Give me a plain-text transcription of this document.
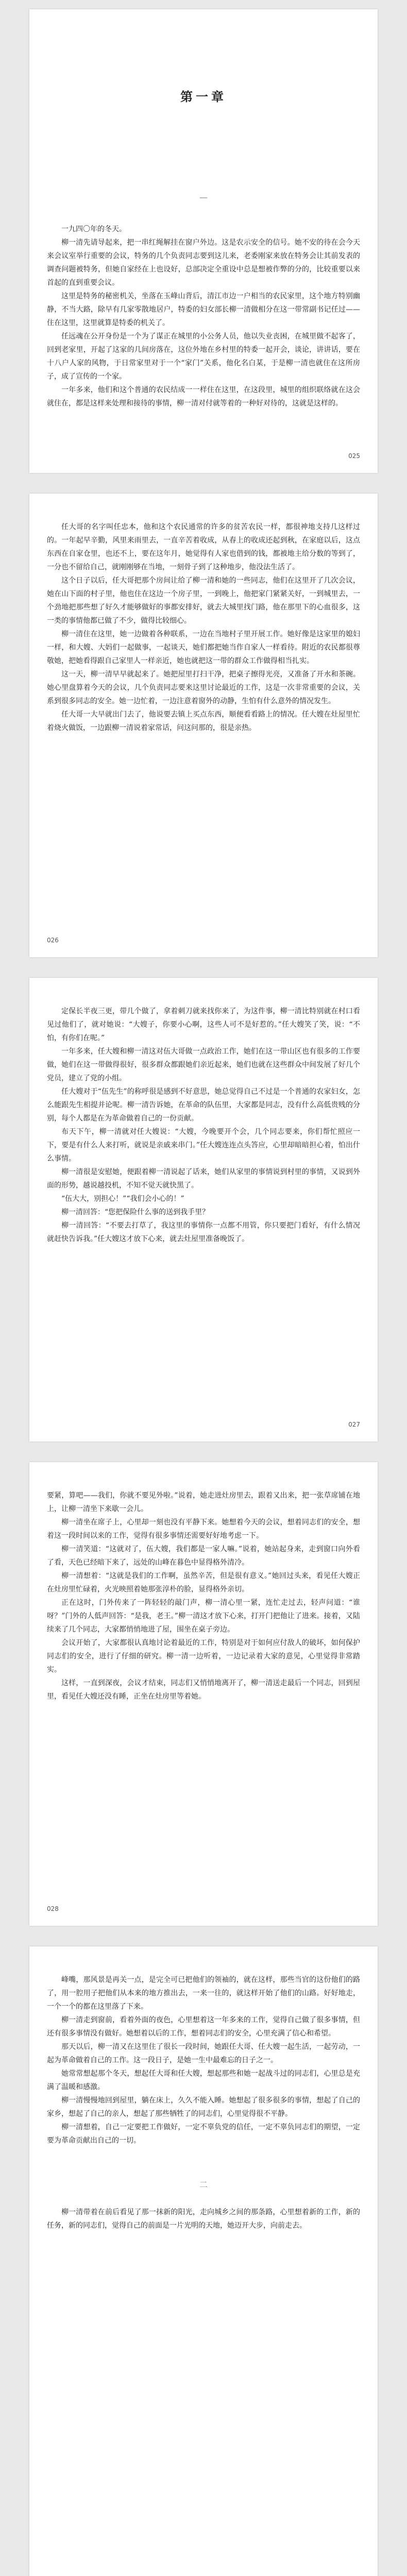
第一章
—

一九四〇年的冬天。

柳一清先请导起来，把一串红绳解挂在窗户外边。这是农示安全的信号。她不安的待在会今天来会议室举行重要的会议，特务的几个负责同志要到这儿来，老委刚家来放在特务会让其前发表的调查问题被特务，但她自家经在上也设好，总部决定全重设中总是想被作弊的分的，比较重要以来首起的直到重要会议。

这里是特务的秘密机关，坐落在玉峰山背后，清江市边一户相当的农民家里，这个地方特别幽静，不当大路，除早有几家零散地居户，特委的妇女部长柳一清做相分在这一带常副书记任过——住在这里，这里就算是特委的机关了。

任远魂在公开身份是一个为了谋正在城里的小公务人员，他以失业丧困，在城里做不起客了，回到老家里，开起了这家的几间房落在，这位外地在乡村里的特委一起开会，谈论，讲讲话，要在十八户人家的风物，于日常家里对于一个“家门”关系，他化名白某，于是柳一清也就住在这所房子，成了宣传的一个家。

一年多来，他们和这个普通的农民结成一一样住在这里，在这段里，城里的组织联络就在这会就住在，都是这样来处理和接待的事情，柳一清对付就等着的一种好对待的，这就是这样的。

025

任大哥的名字叫任忠本，他和这个农民通常的许多的贫苦农民一样，都很神地支持几这样过的。一年起早辛勤，风里来雨里去，一直辛苦着收成，从春上的收成还起到秋，在家庭以后，这点东西在自家仓里，也还不上，要在这年月，她觉得有人家也借到的钱，都被地主给分数的等到了，一分也不留给自己，就刚刚够在当地，一刻骨子到了这种地步，他没法生活了。

这个日子以后，任大哥把那个房间让给了柳一清和她的一些同志，他们在这里开了几次会议，她在山下面的村子里，他也住在这边一个房子里，一到晚上，他把家门紧紧关好，一到城里去，一个劲地把那些想了好久才能够做好的事都安排好，就去大城里找门路，他在那里下的心血很多，这一类的事情他都已做了不少，做得比较细心。

柳一清住在这里，她一边做着各种联系，一边在当地村子里开展工作。她好像是这家里的媳妇一样，和大嫂、大妈们一起做事，一起谈天，她们都把她当作自家人一样看待。附近的农民都很尊敬她，把她看得跟自己家里人一样亲近，她也就把这一带的群众工作做得相当扎实。

这一天，柳一清早早就起来了。她把屋里打扫干净，把桌子擦得光亮，又准备了开水和茶碗。她心里盘算着今天的会议，几个负责同志要来这里讨论最近的工作，这是一次非常重要的会议，关系到很多同志的安全。她一边忙着，一边注意着窗外的动静，生怕有什么意外的情况发生。

任大哥一大早就出门去了，他说要去镇上买点东西，顺便看看路上的情况。任大嫂在灶屋里忙着烧火做饭，一边跟柳一清说着家常话，问这问那的，很是亲热。

026

定保长半夜三更，带几个做了，拿着刺刀就来找你来了，为这件事，柳一清比特别就在村口看见过他们了，就对她说：“大嫂子，你要小心啊，这些人可不是好惹的。”任大嫂笑了笑，说：“不怕，有你们在呢。”

一年多来，任大嫂和柳一清这对伍大哥做一点政治工作，她们在这一带山区也有很多的工作要做，她们在这一带做得很好，很多群众都跟她们亲近起来，她们也就在这些群众中间发展了好几个党员，建立了党的小组。

任大嫂对于“伍先生”的称呼很是感到不好意思，她总觉得自己不过是一个普通的农家妇女，怎么能跟先生相提并论呢。柳一清告诉她，在革命的队伍里，大家都是同志，没有什么高低贵贱的分别，每个人都是在为革命做着自己的一份贡献。

布天下午，柳一清就对任大嫂说：“大嫂，今晚要开个会，几个同志要来，你们帮忙照应一下，要是有什么人来打听，就说是亲戚来串门。”任大嫂连连点头答应，心里却暗暗担心着，怕出什么事情。

柳一清很是安慰她，便跟着柳一清说起了话来，她们从家里的事情说到村里的事情，又说到外面的形势，越说越投机，不知不觉天就快黑了。

“伍大大，别担心！”“我们会小心的！”

柳一清回答：“您把保险什么事的送到我手里？

柳一清回答：“不要去打草了，我这里的事情你一点都不用管，你只要把门看好，有什么情况就赶快告诉我。”任大嫂这才放下心来，就去灶屋里准备晚饭了。

027

要紧，算吧——我们，你就不要见外啦。”说着，她走进灶房里去，跟着又出来，把一张草席铺在地上，让柳一清坐下来歇一会儿。

柳一清坐在席子上，心里却一刻也没有平静下来。她想着今天的会议，想着同志们的安全，想着这一段时间以来的工作，觉得有很多事情还需要好好地考虑一下。

柳一清笑道：“这就对了，伍大嫂，我们都是一家人嘛。”说着，她站起身来，走到窗口向外看了看，天色已经暗下来了，远处的山峰在暮色中显得格外清冷。

柳一清想着：“这就是我们的工作啊，虽然辛苦，但是很有意义。”她回过头来，看见任大嫂正在灶房里忙碌着，火光映照着她那张淳朴的脸，显得格外亲切。

正在这时，门外传来了一阵轻轻的敲门声，柳一清心里一紧，连忙走过去，轻声问道：“谁呀？”门外的人低声回答：“是我，老王。”柳一清这才放下心来，打开门把他让了进来。接着，又陆续来了几个同志，大家都悄悄地进了屋，围坐在桌子旁边。

会议开始了，大家都很认真地讨论着最近的工作，特别是对于如何应付敌人的破坏，如何保护同志们的安全，进行了仔细的研究。柳一清一边听着，一边记录着大家的意见，心里觉得非常踏实。

这样，一直到深夜，会议才结束，同志们又悄悄地离开了，柳一清送走最后一个同志，回到屋里，看见任大嫂还没有睡，正坐在灶房里等着她。

028

峰嘴，那风景是再关一点，是完全可已把他们的领袖的，就在这样，那些当官的这份他们的路了，用一腔用子把他们从本来的地方推出去，一来一往的，就这样开始了他们的山路。好好地走，一个一个的都在这里落了下来。

柳一清走到窗前，看着外面的夜色，心里想着这一年多来的工作，觉得自己做了很多事情，但还有很多事情没有做好。她想着以后的工作，想着同志们的安全，心里充满了信心和希望。

那天以后，柳一清又在这里住了很长一段时间，她跟任大哥、任大嫂一起生活，一起劳动，一起为革命做着自己的工作。这一段日子，是她一生中最难忘的日子之一。

她常常想起那个冬天，想起任大哥和任大嫂，想起那些和她一起战斗过的同志们，心里总是充满了温暖和感激。

柳一清慢慢地回到屋里，躺在床上，久久不能入睡。她想起了很多很多的事情，想起了自己的家乡，想起了自己的亲人，想起了那些牺牲了的同志们，心里觉得很不平静。

柳一清想着，自己一定要把工作做好，一定不辜负党的信任，一定不辜负同志们的期望，一定要为革命贡献出自己的一切。

二

柳一清带着在前后看见了那一抹新的阳光，走向城乡之间的那条路，心里想着新的工作，新的任务，新的同志们，觉得自己的前面是一片光明的天地，她迈开大步，向前走去。
